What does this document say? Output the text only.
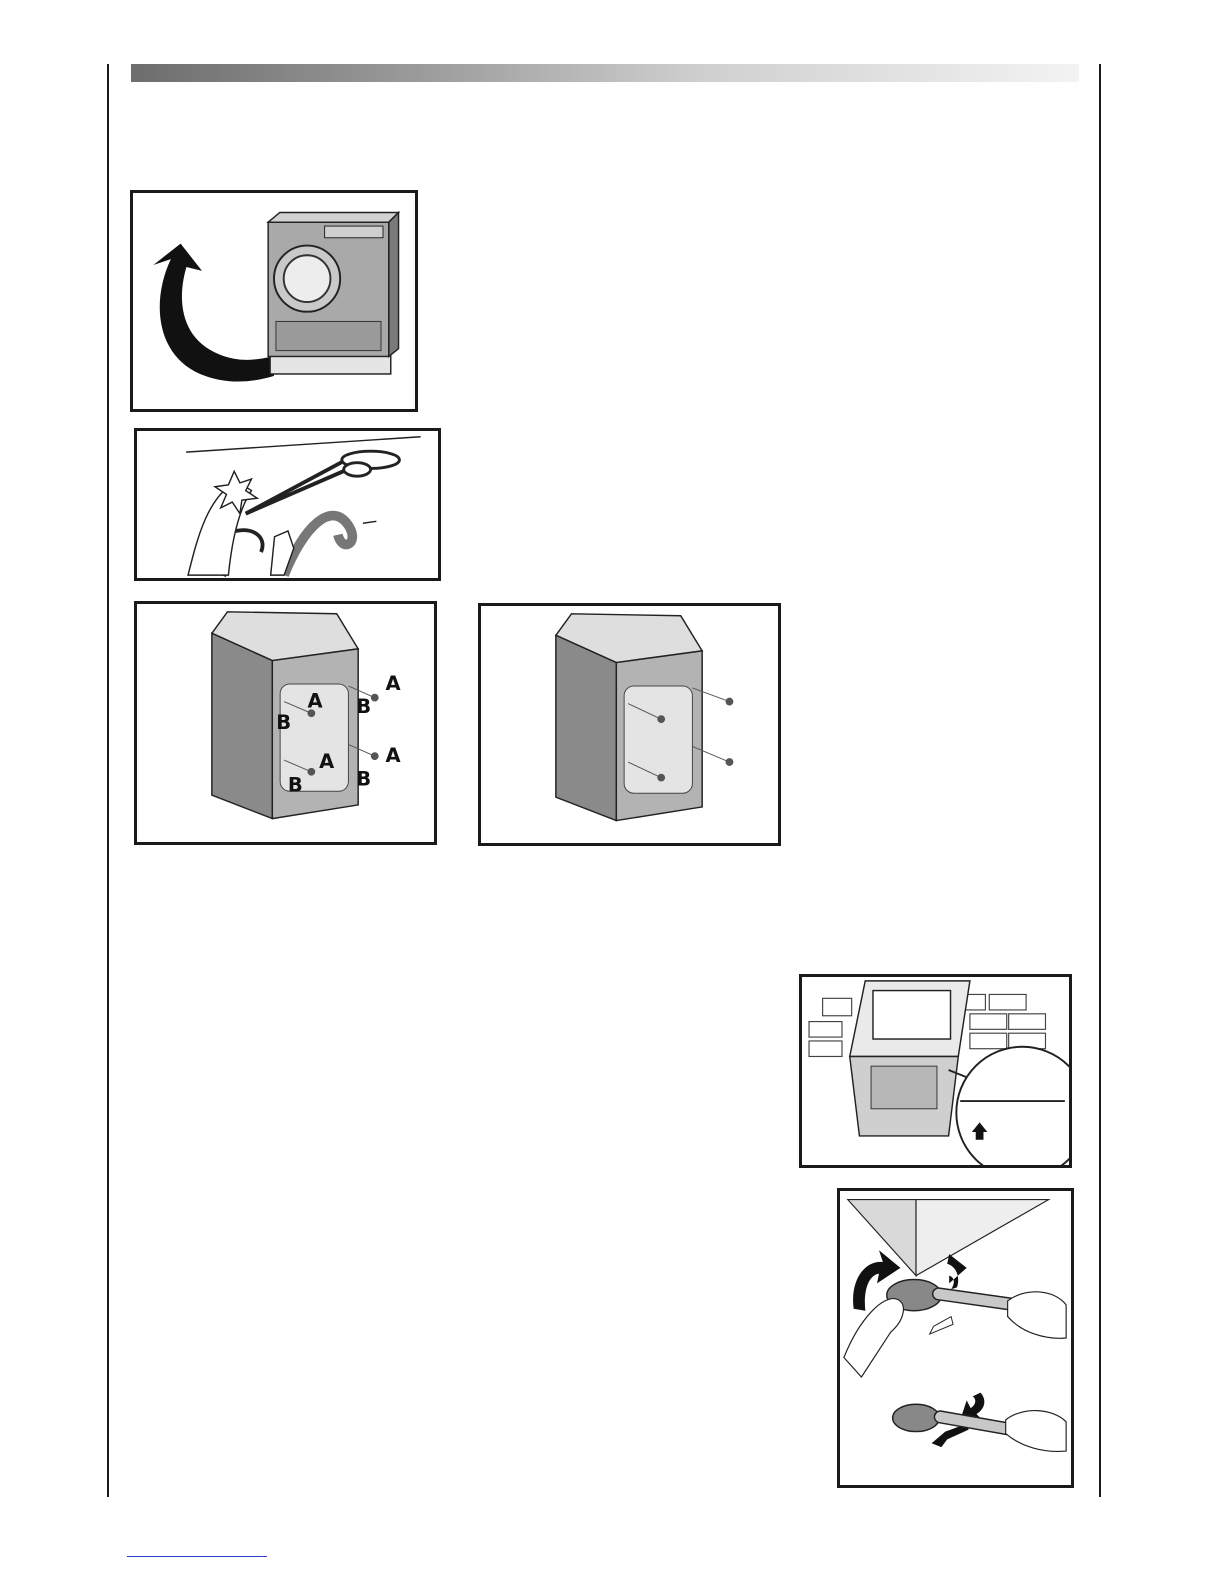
A
B
A
B
A
B
A
B
